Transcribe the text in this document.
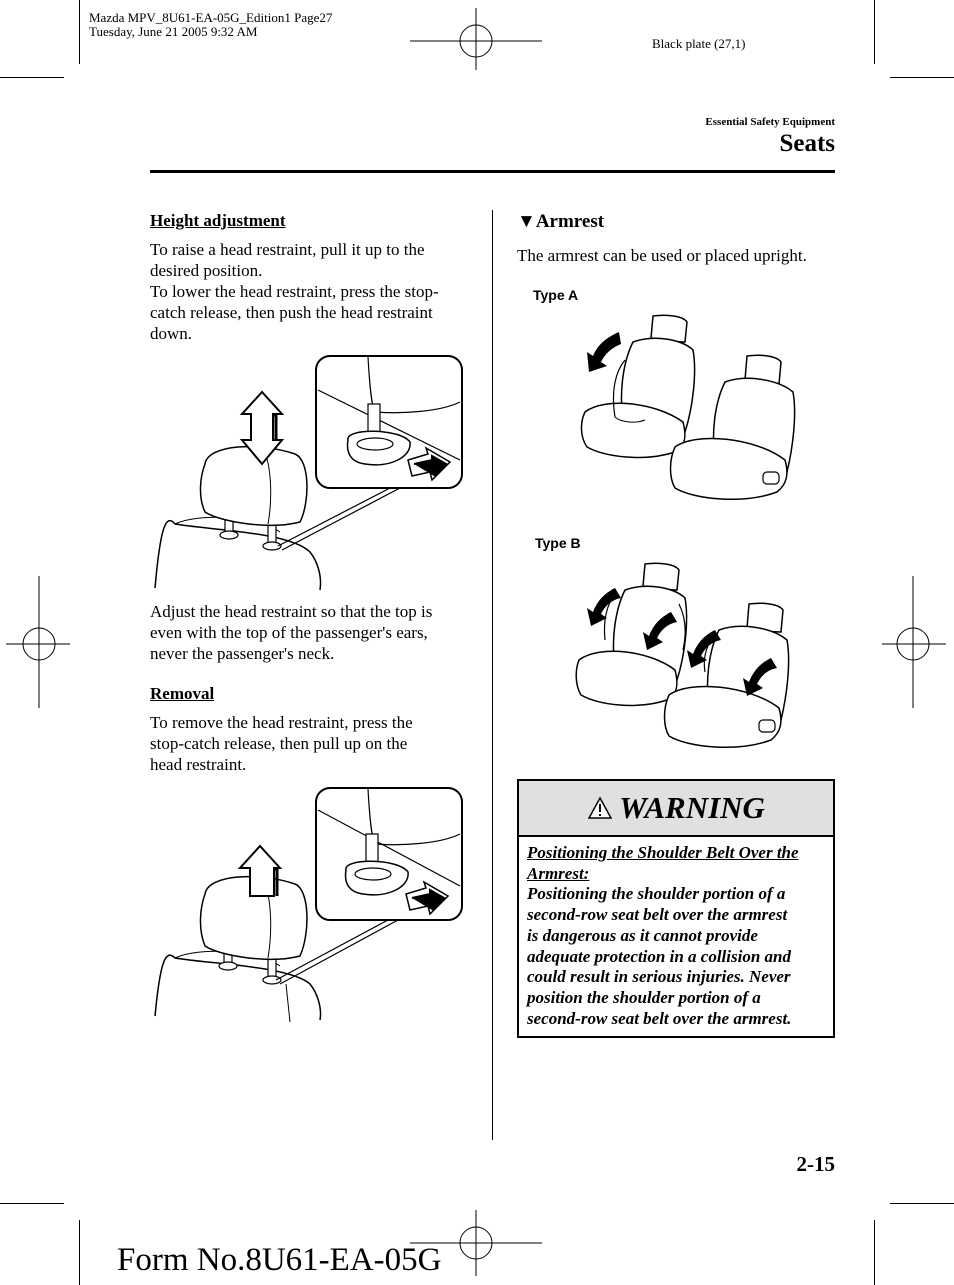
Mazda MPV_8U61-EA-05G_Edition1 Page27
Tuesday, June 21 2005 9:32 AM
Black plate (27,1)
Essential Safety Equipment
Seats
Height adjustment
To raise a head restraint, pull it up to the
desired position.
To lower the head restraint, press the stop-
catch release, then push the head restraint
down.
Adjust the head restraint so that the top is
even with the top of the passenger's ears,
never the passenger's neck.
Removal
To remove the head restraint, press the
stop-catch release, then pull up on the
head restraint.
▼Armrest
The armrest can be used or placed upright.
Type A
Type B
WARNING
Positioning the Shoulder Belt Over the
Armrest:
Positioning the shoulder portion of a
second-row seat belt over the armrest
is dangerous as it cannot provide
adequate protection in a collision and
could result in serious injuries. Never
position the shoulder portion of a
second-row seat belt over the armrest.
2-15
Form No.8U61-EA-05G
